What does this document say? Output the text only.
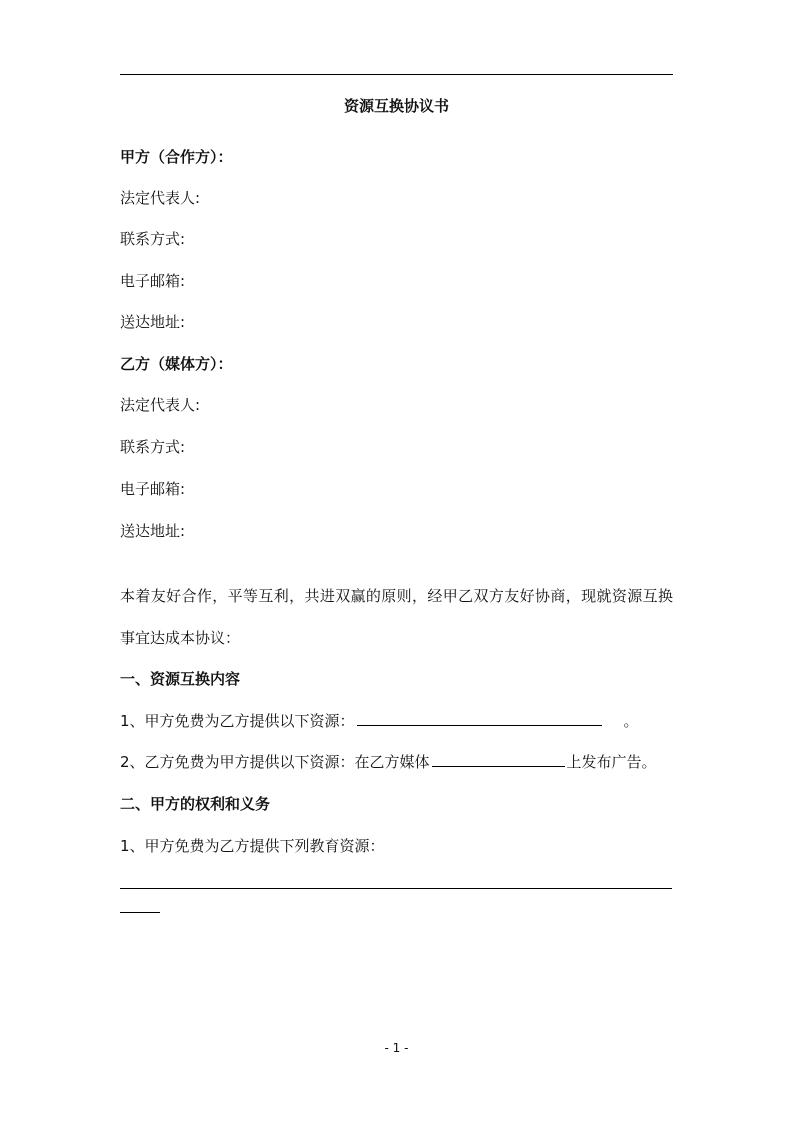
资源互换协议书
甲方（合作方）：
法定代表人:
联系方式:
电子邮箱:
送达地址:
乙方（媒体方）：
法定代表人:
联系方式:
电子邮箱:
送达地址:
本着友好合作，平等互利，共进双赢的原则，经甲乙双方友好协商，现就资源互换事宜达成本协议：
一、资源互换内容
1、甲方免费为乙方提供以下资源：	。
2、乙方免费为甲方提供以下资源：在乙方媒体	上发布广告。
二、甲方的权利和义务
1、甲方免费为乙方提供下列教育资源：
- 1 -
